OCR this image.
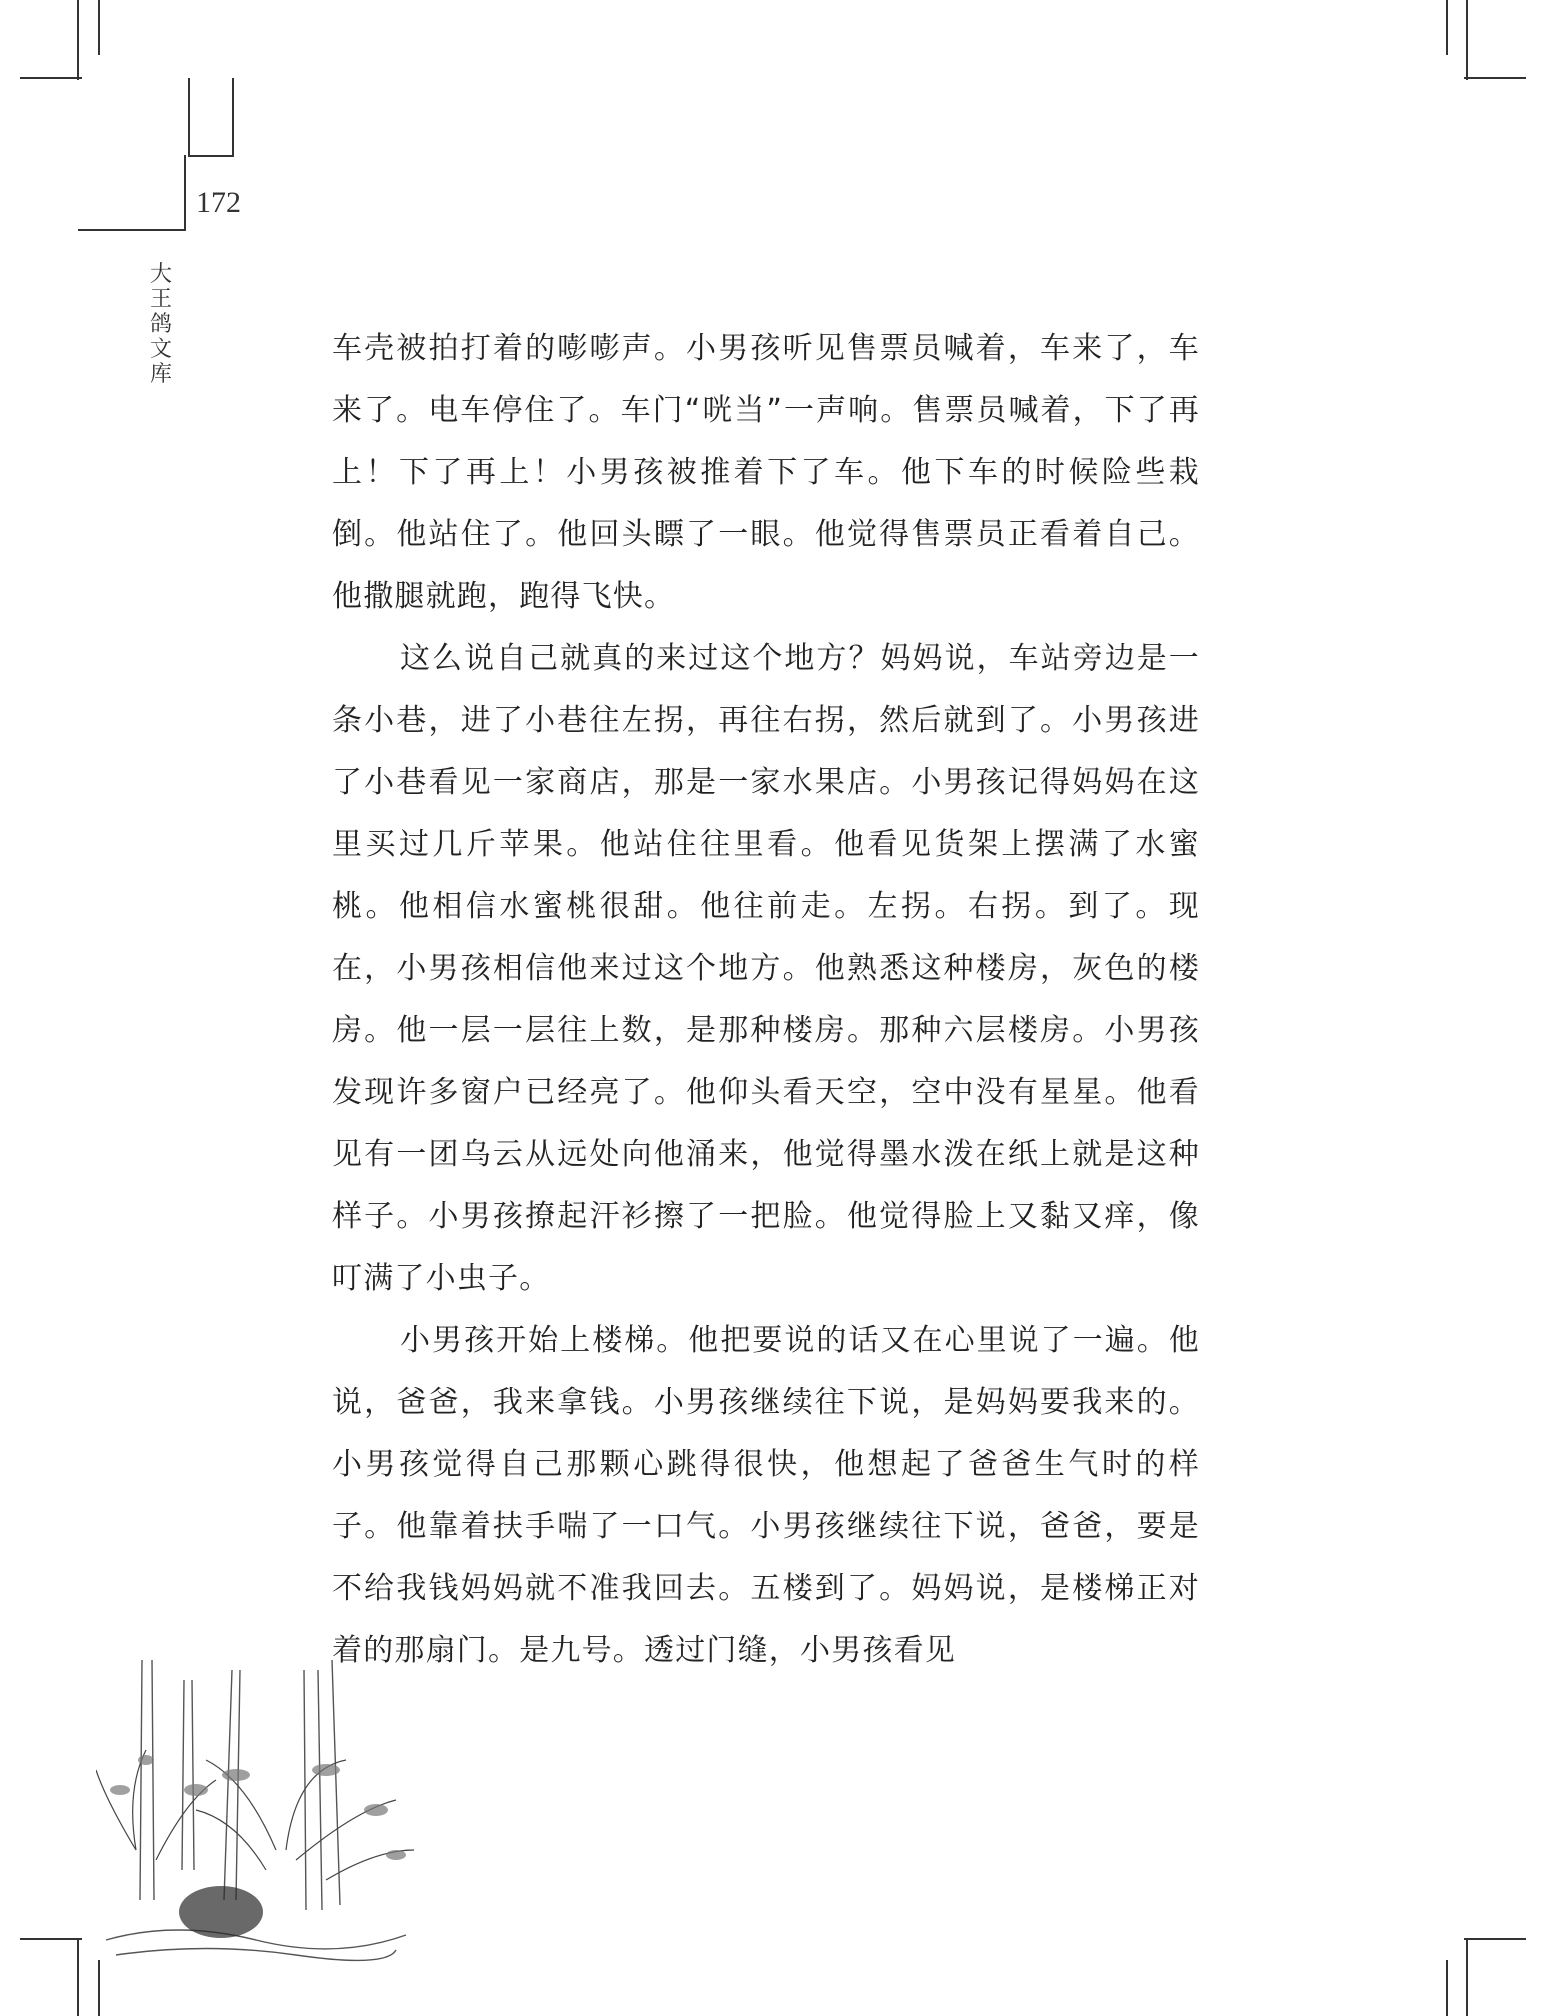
172
大王鸽文库

车壳被拍打着的嘭嘭声。小男孩听见售票员喊着，车来了，车来了。电车停住了。车门“咣当”一声响。售票员喊着，下了再上！下了再上！小男孩被推着下了车。他下车的时候险些栽倒。他站住了。他回头瞟了一眼。他觉得售票员正看着自己。他撒腿就跑，跑得飞快。

这么说自己就真的来过这个地方？妈妈说，车站旁边是一条小巷，进了小巷往左拐，再往右拐，然后就到了。小男孩进了小巷看见一家商店，那是一家水果店。小男孩记得妈妈在这里买过几斤苹果。他站住往里看。他看见货架上摆满了水蜜桃。他相信水蜜桃很甜。他往前走。左拐。右拐。到了。现在，小男孩相信他来过这个地方。他熟悉这种楼房，灰色的楼房。他一层一层往上数，是那种楼房。那种六层楼房。小男孩发现许多窗户已经亮了。他仰头看天空，空中没有星星。他看见有一团乌云从远处向他涌来，他觉得墨水泼在纸上就是这种样子。小男孩撩起汗衫擦了一把脸。他觉得脸上又黏又痒，像叮满了小虫子。

小男孩开始上楼梯。他把要说的话又在心里说了一遍。他说，爸爸，我来拿钱。小男孩继续往下说，是妈妈要我来的。小男孩觉得自己那颗心跳得很快，他想起了爸爸生气时的样子。他靠着扶手喘了一口气。小男孩继续往下说，爸爸，要是不给我钱妈妈就不准我回去。五楼到了。妈妈说，是楼梯正对着的那扇门。是九号。透过门缝，小男孩看见
